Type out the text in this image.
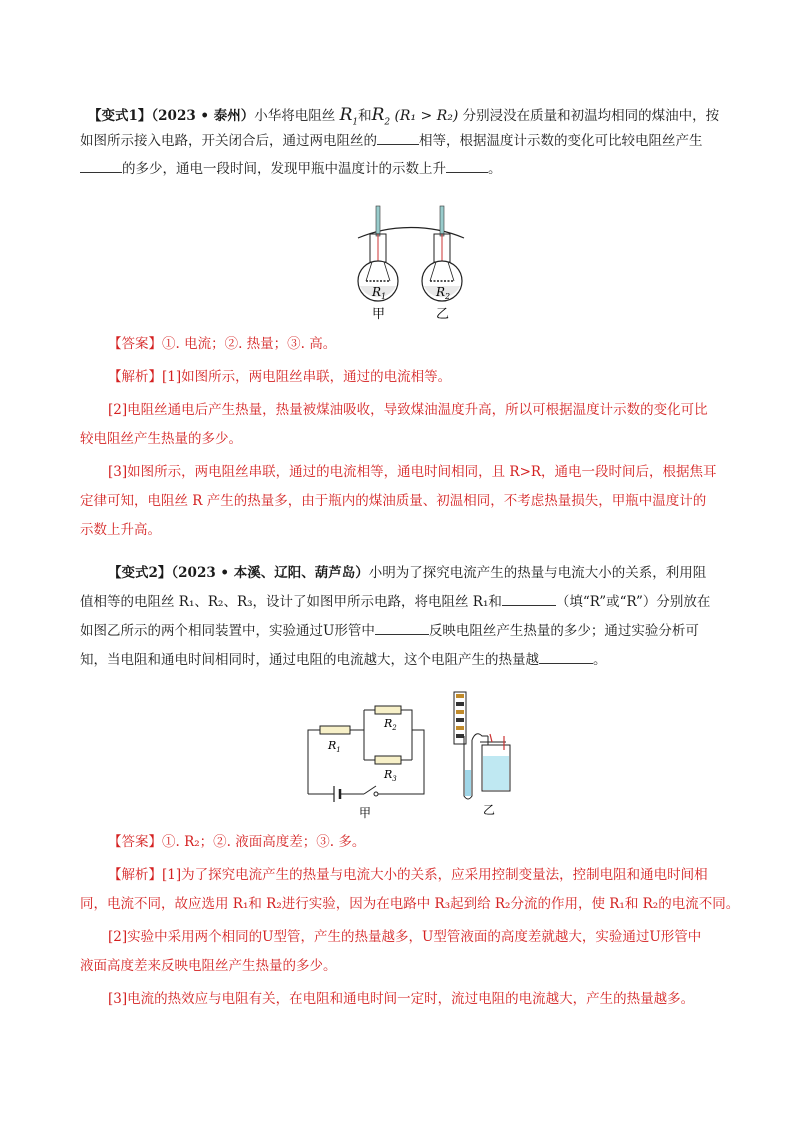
【变式1】（2023 • 泰州）小华将电阻丝 $R_1$和$R_2$ (R₁ > R₂) 分别浸没在质量和初温均相同的煤油中，按
如图所示接入电路，开关闭合后，通过两电阻丝的	相等，根据温度计示数的变化可比较电阻丝产生
的多少，通电一段时间，发现甲瓶中温度计的示数上升	。
$R_1$	$R_2$
甲	乙
【答案】①. 电流；②. 热量；③. 高。
【解析】[1]如图所示，两电阻丝串联，通过的电流相等。
[2]电阻丝通电后产生热量，热量被煤油吸收，导致煤油温度升高，所以可根据温度计示数的变化可比
较电阻丝产生热量的多少。
[3]如图所示，两电阻丝串联，通过的电流相等，通电时间相同，且 R>R，通电一段时间后，根据焦耳
定律可知，电阻丝 R 产生的热量多，由于瓶内的煤油质量、初温相同，不考虑热量损失，甲瓶中温度计的
示数上升高。
【变式2】（2023 • 本溪、辽阳、葫芦岛）小明为了探究电流产生的热量与电流大小的关系，利用阻
值相等的电阻丝 R₁、R₂、R₃，设计了如图甲所示电路，将电阻丝 R₁和	（填“R”或“R”）分别放在
如图乙所示的两个相同装置中，实验通过U形管中	反映电阻丝产生热量的多少；通过实验分析可
知，当电阻和通电时间相同时，通过电阻的电流越大，这个电阻产生的热量越	。
$R_1$
$R_2$
$R_3$
甲	乙
【答案】①. R₂；②. 液面高度差；③. 多。
【解析】[1]为了探究电流产生的热量与电流大小的关系，应采用控制变量法，控制电阻和通电时间相
同，电流不同，故应选用 R₁和 R₂进行实验，因为在电路中 R₃起到给 R₂分流的作用，使 R₁和 R₂的电流不同。
[2]实验中采用两个相同的U型管，产生的热量越多，U型管液面的高度差就越大，实验通过U形管中
液面高度差来反映电阻丝产生热量的多少。
[3]电流的热效应与电阻有关，在电阻和通电时间一定时，流过电阻的电流越大，产生的热量越多。
